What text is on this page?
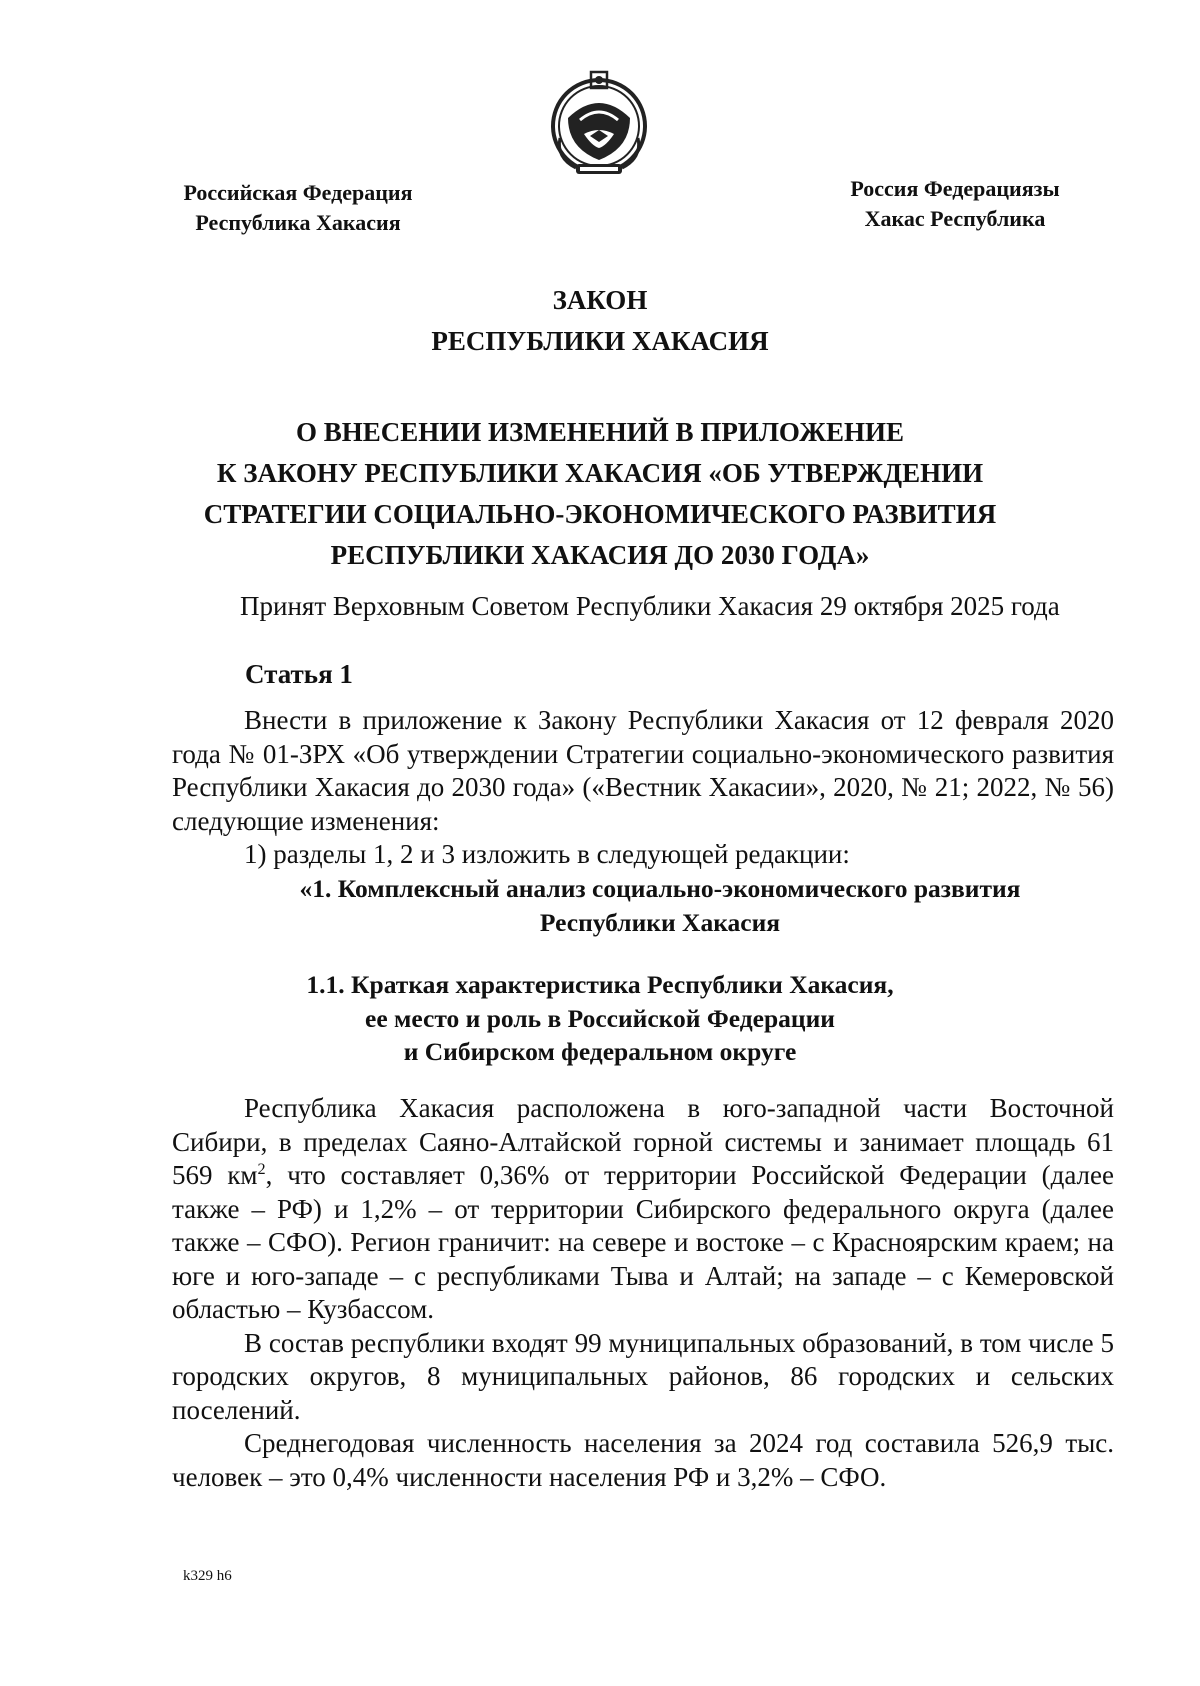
Российская Федерация
Республика Хакасия
Россия Федерациязы
Хакас Республика
ЗАКОН
РЕСПУБЛИКИ ХАКАСИЯ
О ВНЕСЕНИИ ИЗМЕНЕНИЙ В ПРИЛОЖЕНИЕ
К ЗАКОНУ РЕСПУБЛИКИ ХАКАСИЯ «ОБ УТВЕРЖДЕНИИ
СТРАТЕГИИ СОЦИАЛЬНО-ЭКОНОМИЧЕСКОГО РАЗВИТИЯ
РЕСПУБЛИКИ ХАКАСИЯ ДО 2030 ГОДА»
Принят Верховным Советом Республики Хакасия 29 октября 2025 года
Статья 1

Внести в приложение к Закону Республики Хакасия от 12 февраля 2020 года № 01-ЗРХ «Об утверждении Стратегии социально-экономического развития Республики Хакасия до 2030 года» («Вестник Хакасии», 2020, № 21; 2022, № 56) следующие изменения:

1) разделы 1, 2 и 3 изложить в следующей редакции:

«1. Комплексный анализ социально-экономического развития
Республики Хакасия
1.1. Краткая характеристика Республики Хакасия,
ее место и роль в Российской Федерации
и Сибирском федеральном округе

Республика Хакасия расположена в юго-западной части Восточной Сибири, в пределах Саяно-Алтайской горной системы и занимает площадь 61 569 $км^2$, что составляет 0,36% от территории Российской Федерации (далее также – РФ) и 1,2% – от территории Сибирского федерального округа (далее также – СФО). Регион граничит: на севере и востоке – с Красноярским краем; на юге и юго-западе – с республиками Тыва и Алтай; на западе – с Кемеровской областью – Кузбассом.

В состав республики входят 99 муниципальных образований, в том числе 5 городских округов, 8 муниципальных районов, 86 городских и сельских поселений.

Среднегодовая численность населения за 2024 год составила 526,9 тыс. человек – это 0,4% численности населения РФ и 3,2% – СФО.

k329 h6
